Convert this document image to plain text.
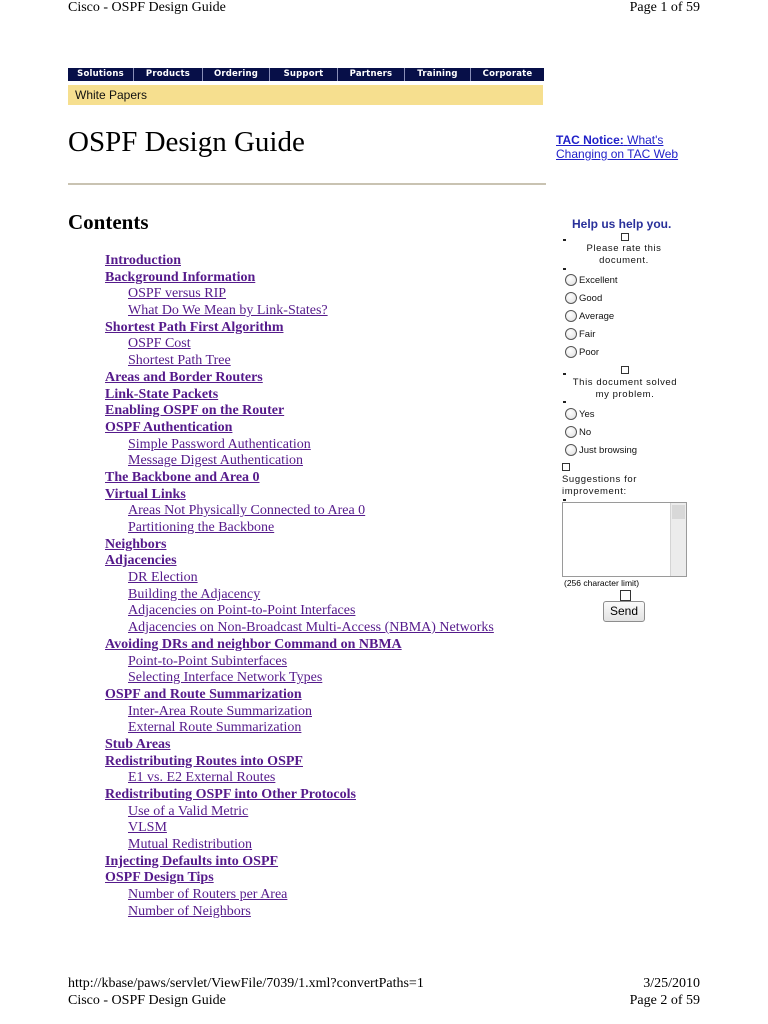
Cisco - OSPF Design Guide	Page 1 of 59
Solutions	Products	Ordering	Support	Partners	Training	Corporate
White Papers
OSPF Design Guide
Contents
Introduction
Background Information
OSPF versus RIP
What Do We Mean by Link-States?
Shortest Path First Algorithm
OSPF Cost
Shortest Path Tree
Areas and Border Routers
Link-State Packets
Enabling OSPF on the Router
OSPF Authentication
Simple Password Authentication
Message Digest Authentication
The Backbone and Area 0
Virtual Links
Areas Not Physically Connected to Area 0
Partitioning the Backbone
Neighbors
Adjacencies
DR Election
Building the Adjacency
Adjacencies on Point-to-Point Interfaces
Adjacencies on Non-Broadcast Multi-Access (NBMA) Networks
Avoiding DRs and neighbor Command on NBMA
Point-to-Point Subinterfaces
Selecting Interface Network Types
OSPF and Route Summarization
Inter-Area Route Summarization
External Route Summarization
Stub Areas
Redistributing Routes into OSPF
E1 vs. E2 External Routes
Redistributing OSPF into Other Protocols
Use of a Valid Metric
VLSM
Mutual Redistribution
Injecting Defaults into OSPF
OSPF Design Tips
Number of Routers per Area
Number of Neighbors
TAC Notice: What's
Changing on TAC Web
Help us help you.
Please rate this
document.
Excellent
Good
Average
Fair
Poor
This document solved
my problem.
Yes
No
Just browsing
Suggestions for
improvement:
(256 character limit)
Send
http://kbase/paws/servlet/ViewFile/7039/1.xml?convertPaths=1	3/25/2010
Cisco - OSPF Design Guide	Page 2 of 59
